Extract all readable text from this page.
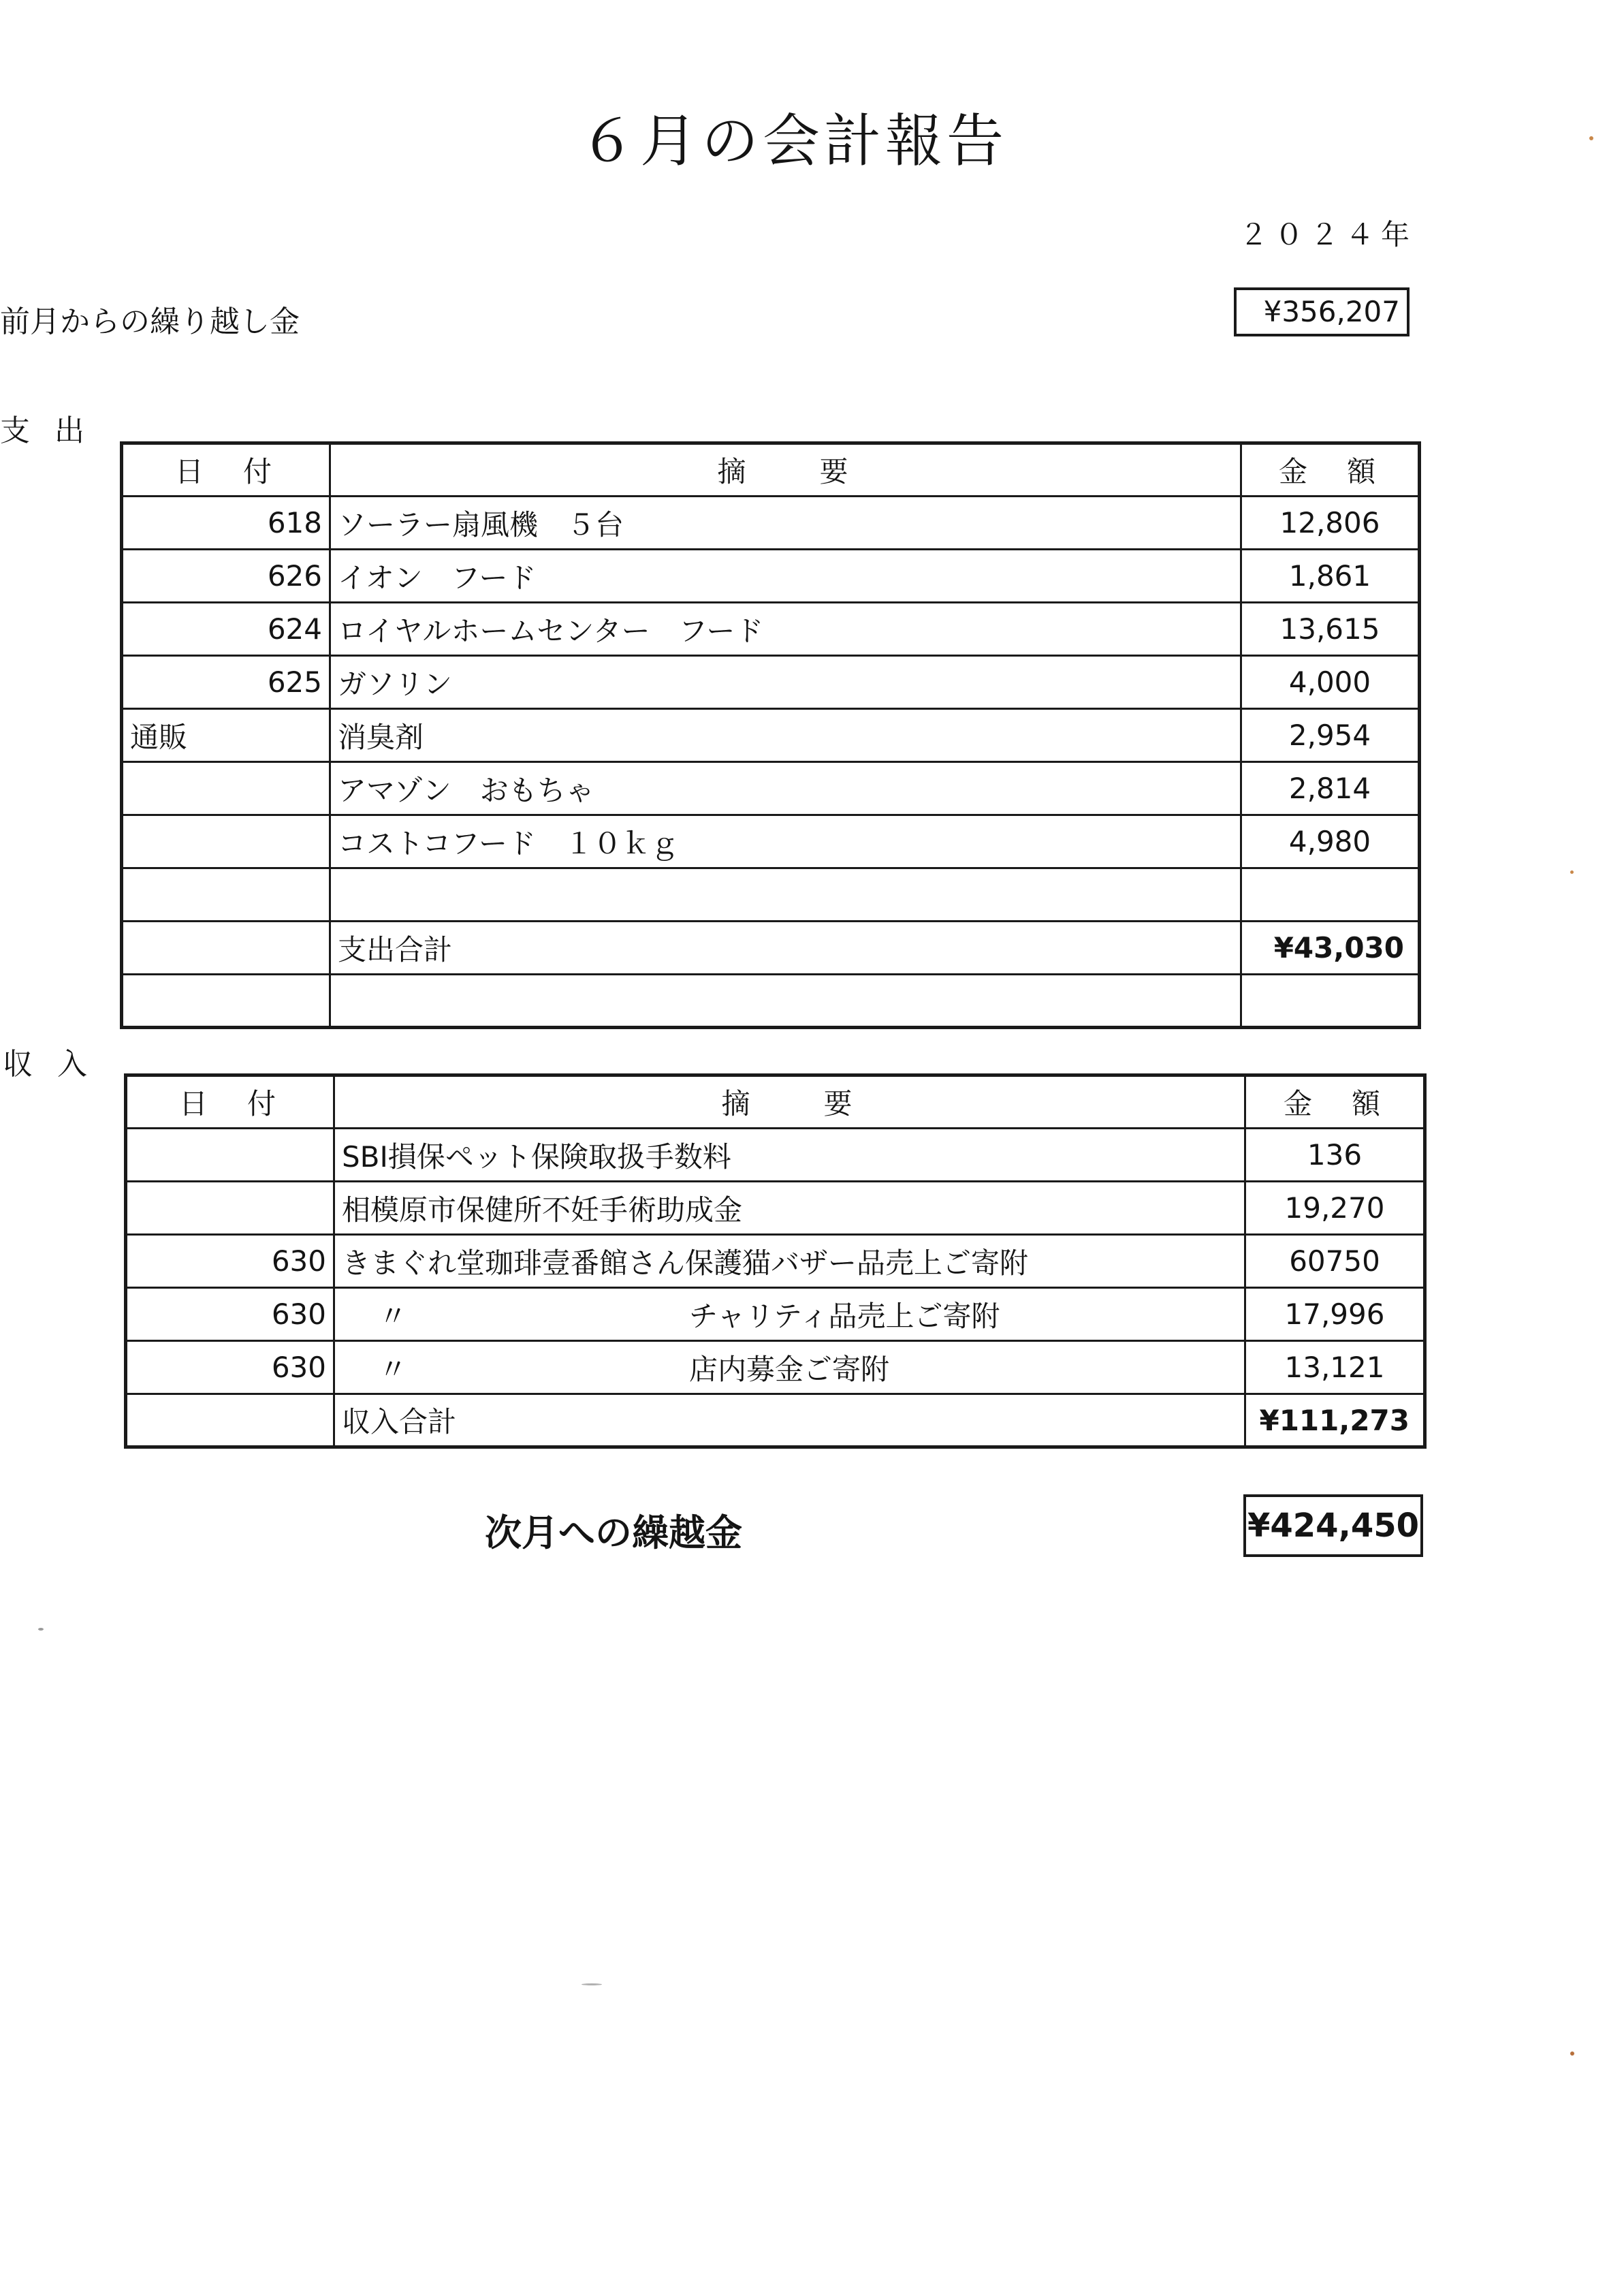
６月の会計報告
２０２４年
前月からの繰り越し金	¥356,207
支出
日　付	摘　　要	金　額
618	ソーラー扇風機　５台	12,806
626	イオン　フード	1,861
624	ロイヤルホームセンター　フード	13,615
625	ガソリン	4,000
通販	消臭剤	2,954
	アマゾン　おもちゃ	2,814
	コストコフード　１０ｋｇ	4,980

	支出合計	¥43,030

収入
日　付	摘　　要	金　額
	SBI損保ペット保険取扱手数料	136
	相模原市保健所不妊手術助成金	19,270
630	きまぐれ堂珈琲壹番館さん保護猫バザー品売上ご寄附	60750
630	〃 チャリティ品売上ご寄附	17,996
630	〃 店内募金ご寄附	13,121
	収入合計	¥111,273
次月への繰越金	¥424,450
